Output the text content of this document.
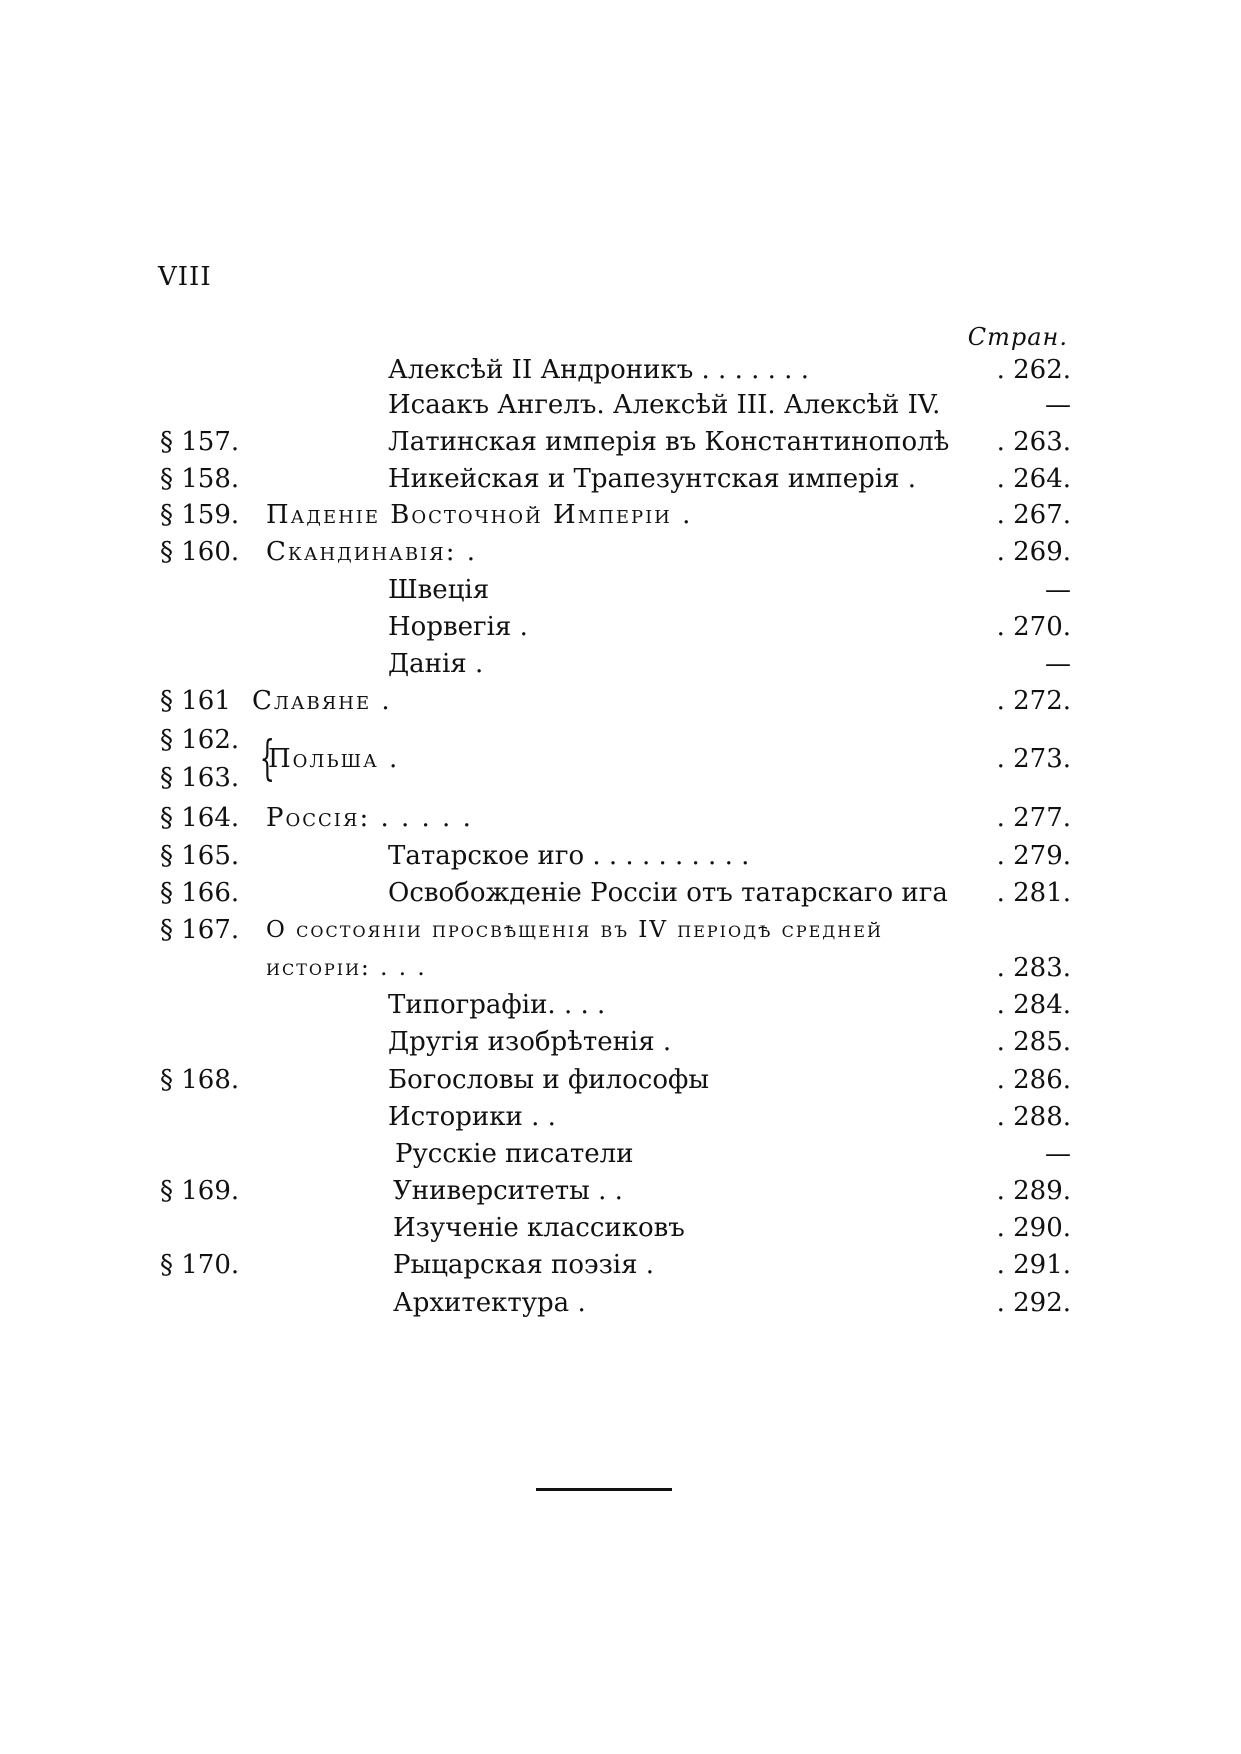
VIII
Стран.
Алексѣй II Андроникъ . . . . . . .	. 262.
Исаакъ Ангелъ. Алексѣй III. Алексѣй IV.	—
§ 157.	Латинская имперія въ Константинополѣ . 263.
§ 158.	Никейская и Трапезунтская имперія .	. 264.
§ 159. Паденіе Восточной Имперіи .	. 267.
§ 160. Скандинавія: .	. 269.
Швеція	—
Норвегія .	. 270.
Данія .	—
§ 161 Славяне .	. 272.
§ 162.
§ 163. {
Польша .	. 273.
§ 164. Россія: . . . . .	. 277.
§ 165.	Татарское иго . . . . . . . . . .	. 279.
§ 166.	Освобожденіе Россіи отъ татарскаго ига . 281.
§ 167. О состояніи просвѣщенія въ IV періодѣ средней
исторіи: . . .	. 283.
Типографіи. . . .	. 284.
Другія изобрѣтенія .	. 285.
§ 168.	Богословы и философы	. 286.
Историки . .	. 288.
Русскіе писатели	—
§ 169.	Университеты . .	. 289.
Изученіе классиковъ	. 290.
§ 170.	Рыцарская поэзія .	. 291.
Архитектура .	. 292.
